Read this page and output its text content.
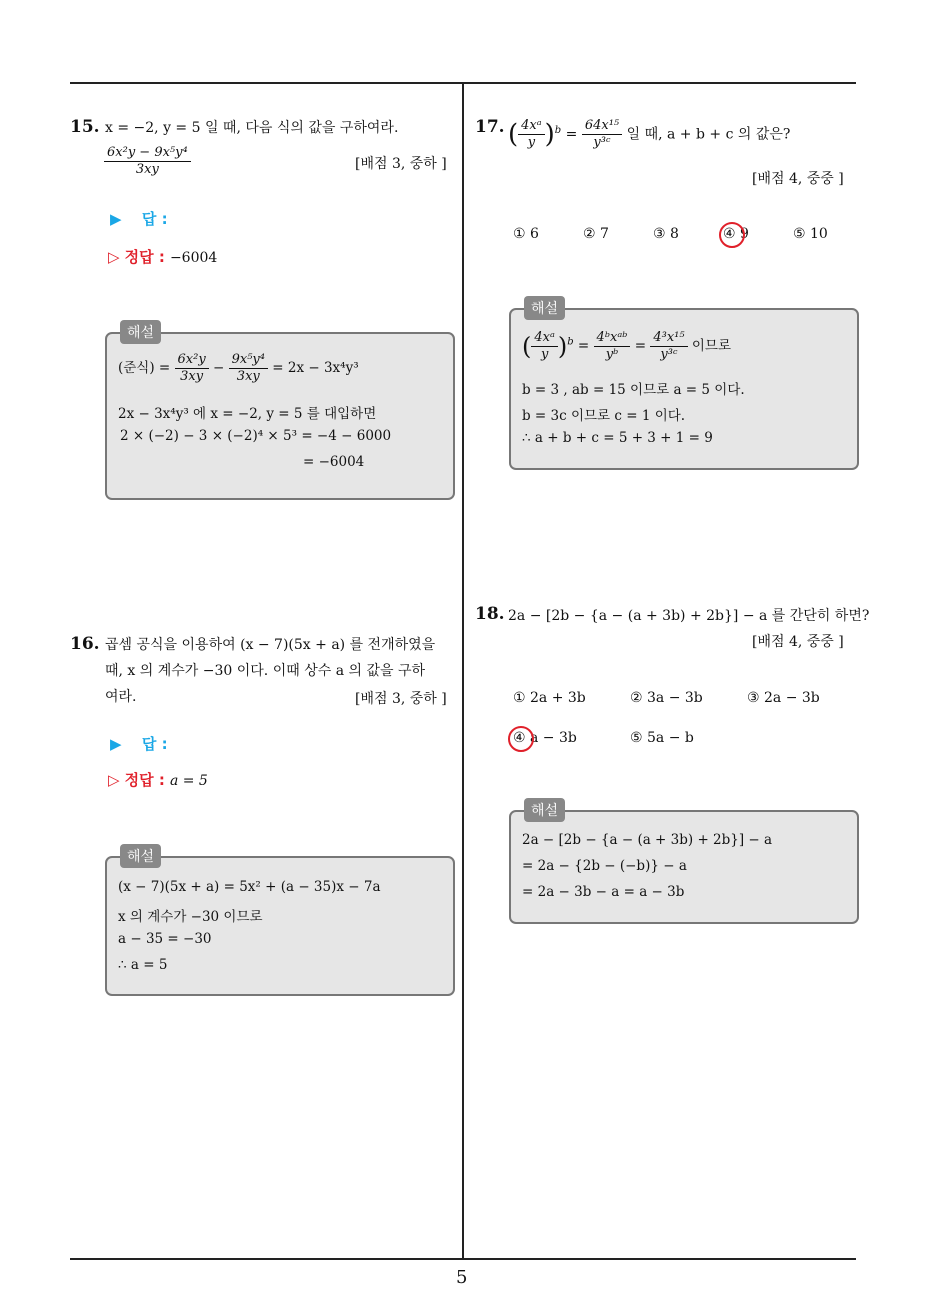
5
15. x = −2, y = 5 일 때, 다음 식의 값을 구하여라.
$\frac{\text{6x²y − 9x⁵y⁴}}{3xy}$	[배점 3, 중하 ]
▶ 답 :
▷ 정답 : −6004
해설
(준식) = $\frac{\text{6x²y}}{3xy} - \frac{\text{9x⁵y⁴}}{3xy} = 2x - 3x^4y^3$
2x − 3x⁴y³ 에 x = −2, y = 5 를 대입하면
2 × (−2) − 3 × (−2)⁴ × 5³ = −4 − 6000
= −6004
16. 곱셈 공식을 이용하여 (x − 7)(5x + a) 를 전개하였을
때, x 의 계수가 −30 이다. 이때 상수 a 의 값을 구하
여라.	[배점 3, 중하 ]
▶ 답 :
▷ 정답 : a = 5
해설
(x − 7)(5x + a) = 5x² + (a − 35)x − 7a
x 의 계수가 −30 이므로
a − 35 = −30
∴ a = 5
17. ( $\frac{\text{4xᵃ}}{y} )^b = \frac{\text{64x¹⁵}}{\text{y³ᶜ}}$ 일 때, a + b + c 의 값은?
[배점 4, 중중 ]
① 6	② 7	③ 8	④ 9	⑤ 10
해설
( $\frac{\text{4xᵃ}}{y} )^b = \frac{\text{4ᵇxᵃᵇ}}{\text{yᵇ}} = \frac{\text{4³x¹⁵}}{\text{y³ᶜ}}$ 이므로
b = 3 , ab = 15 이므로 a = 5 이다.
b = 3c 이므로 c = 1 이다.
∴ a + b + c = 5 + 3 + 1 = 9
18. 2a − [2b − {a − (a + 3b) + 2b}] − a 를 간단히 하면?
[배점 4, 중중 ]
① 2a + 3b	② 3a − 3b	③ 2a − 3b
④ a − 3b	⑤ 5a − b
해설
2a − [2b − {a − (a + 3b) + 2b}] − a
= 2a − {2b − (−b)} − a
= 2a − 3b − a = a − 3b
